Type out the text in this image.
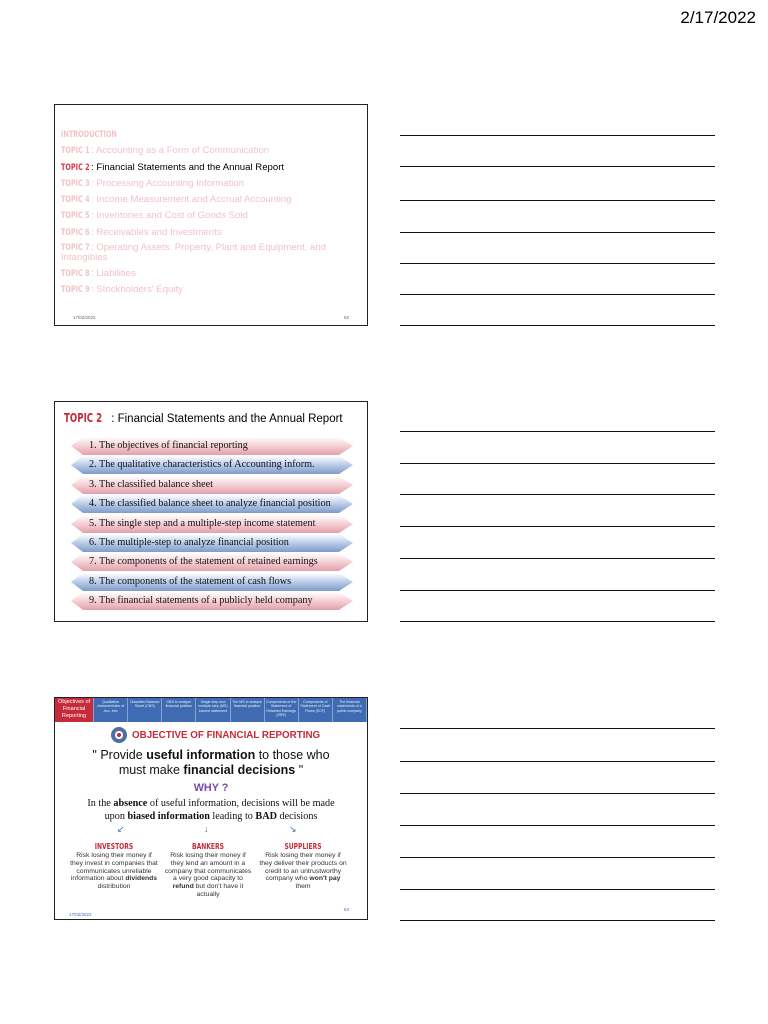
2/17/2022
INTRODUCTION
TOPIC 1: Accounting as a Form of Communication
TOPIC 2: Financial Statements and the Annual Report
TOPIC 3: Processing Accounting Information
TOPIC 4: Income Measurement and Accrual Accounting
TOPIC 5: Inventories and Cost of Goods Sold
TOPIC 6: Receivables and Investments
TOPIC 7: Operating Assets: Property, Plant and Equipment, and Intangibles
TOPIC 8: Liabilities
TOPIC 9: Stockholders' Equity
17/02/2022	52
TOPIC 2 : Financial Statements and the Annual Report
1. The objectives of financial reporting
2. The qualitative characteristics of Accounting inform.
3. The classified balance sheet
4. The classified balance sheet to analyze financial position
5. The single step and a multiple-step income statement
6. The multiple-step to analyze financial position
7. The components of the statement of retained earnings
8. The components of the statement of cash flows
9. The financial statements of a publicly held company
Objectives of Financial Reporting
Qualitative characteristics of Acc. Info
Classified Balance Sheet (CBS)
CBS to analyze financial position
Single step and multiple-step (MS) income statement
The MS to analyze financial position
Components of the Statement of Retained Earnings (SRE)
Components of Statement of Cash Flows (SCF)
The financial statements of a public company
OBJECTIVE OF FINANCIAL REPORTING
" Provide useful information to those who
must make financial decisions "
WHY ?
In the absence of useful information, decisions will be made
upon biased information leading to BAD decisions
↙	↓	↘
INVESTORS
Risk losing their money if they invest in companies that communicates unreliable information about dividends distribution
BANKERS
Risk losing their money if they lend an amount in a company that communicates a very good capacity to refund but don't have it actually
SUPPLIERS
Risk losing their money if they deliver their products on credit to an untrustworthy company who won't pay them
17/02/2022
54
